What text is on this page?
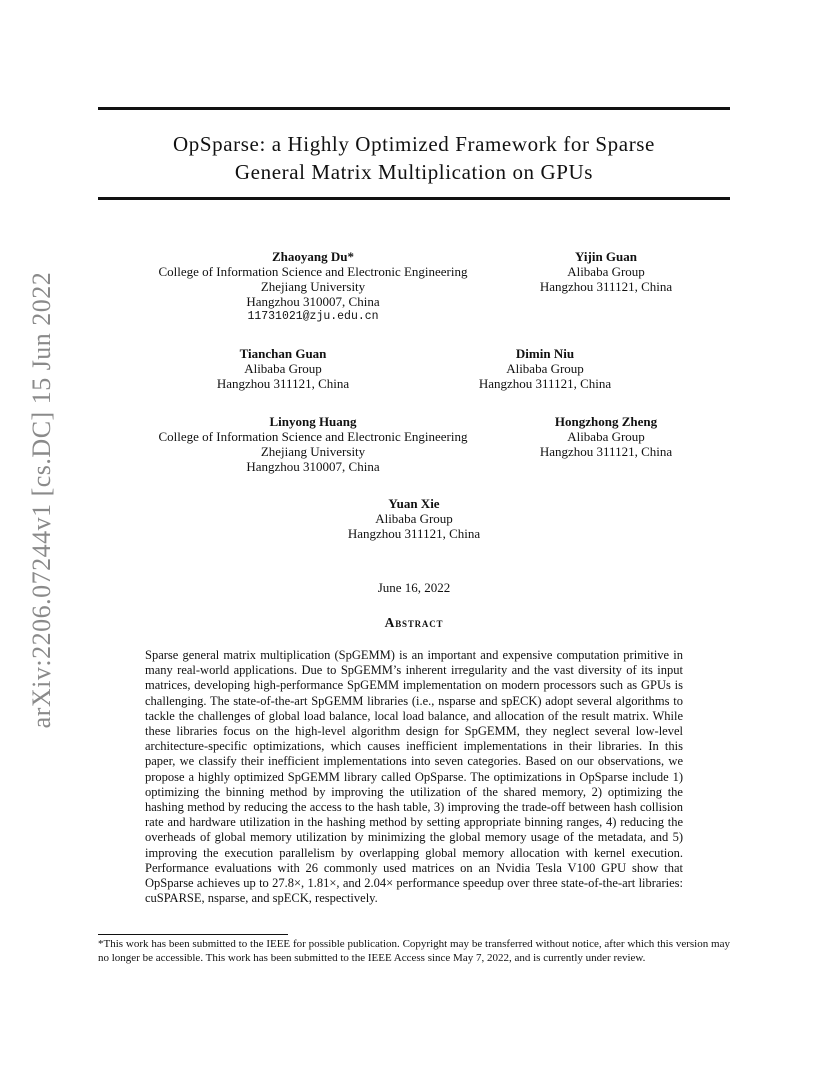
OpSparse: a Highly Optimized Framework for Sparse
General Matrix Multiplication on GPUs
arXiv:2206.07244v1 [cs.DC] 15 Jun 2022
Zhaoyang Du*
College of Information Science and Electronic Engineering
Zhejiang University
Hangzhou 310007, China
11731021@zju.edu.cn
Yijin Guan
Alibaba Group
Hangzhou 311121, China
Tianchan Guan
Alibaba Group
Hangzhou 311121, China
Dimin Niu
Alibaba Group
Hangzhou 311121, China
Linyong Huang
College of Information Science and Electronic Engineering
Zhejiang University
Hangzhou 310007, China
Hongzhong Zheng
Alibaba Group
Hangzhou 311121, China
Yuan Xie
Alibaba Group
Hangzhou 311121, China
June 16, 2022
Abstract
Sparse general matrix multiplication (SpGEMM) is an important and expensive computation primitive in many real-world applications. Due to SpGEMM’s inherent irregularity and the vast diversity of its input matrices, developing high-performance SpGEMM implementation on modern processors such as GPUs is challenging. The state-of-the-art SpGEMM libraries (i.e., nsparse and spECK) adopt several algorithms to tackle the challenges of global load balance, local load balance, and allocation of the result matrix. While these libraries focus on the high-level algorithm design for SpGEMM, they neglect several low-level architecture-specific optimizations, which causes inefficient implementations in their libraries. In this paper, we classify their inefficient implementations into seven categories. Based on our observations, we propose a highly optimized SpGEMM library called OpSparse. The optimizations in OpSparse include 1) optimizing the binning method by improving the utilization of the shared memory, 2) optimizing the hashing method by reducing the access to the hash table, 3) improving the trade-off between hash collision rate and hardware utilization in the hashing method by setting appropriate binning ranges, 4) reducing the overheads of global memory utilization by minimizing the global memory usage of the metadata, and 5) improving the execution parallelism by overlapping global memory allocation with kernel execution. Performance evaluations with 26 commonly used matrices on an Nvidia Tesla V100 GPU show that OpSparse achieves up to 27.8×, 1.81×, and 2.04× performance speedup over three state-of-the-art libraries: cuSPARSE, nsparse, and spECK, respectively.
*This work has been submitted to the IEEE for possible publication. Copyright may be transferred without notice, after which this version may no longer be accessible. This work has been submitted to the IEEE Access since May 7, 2022, and is currently under review.
